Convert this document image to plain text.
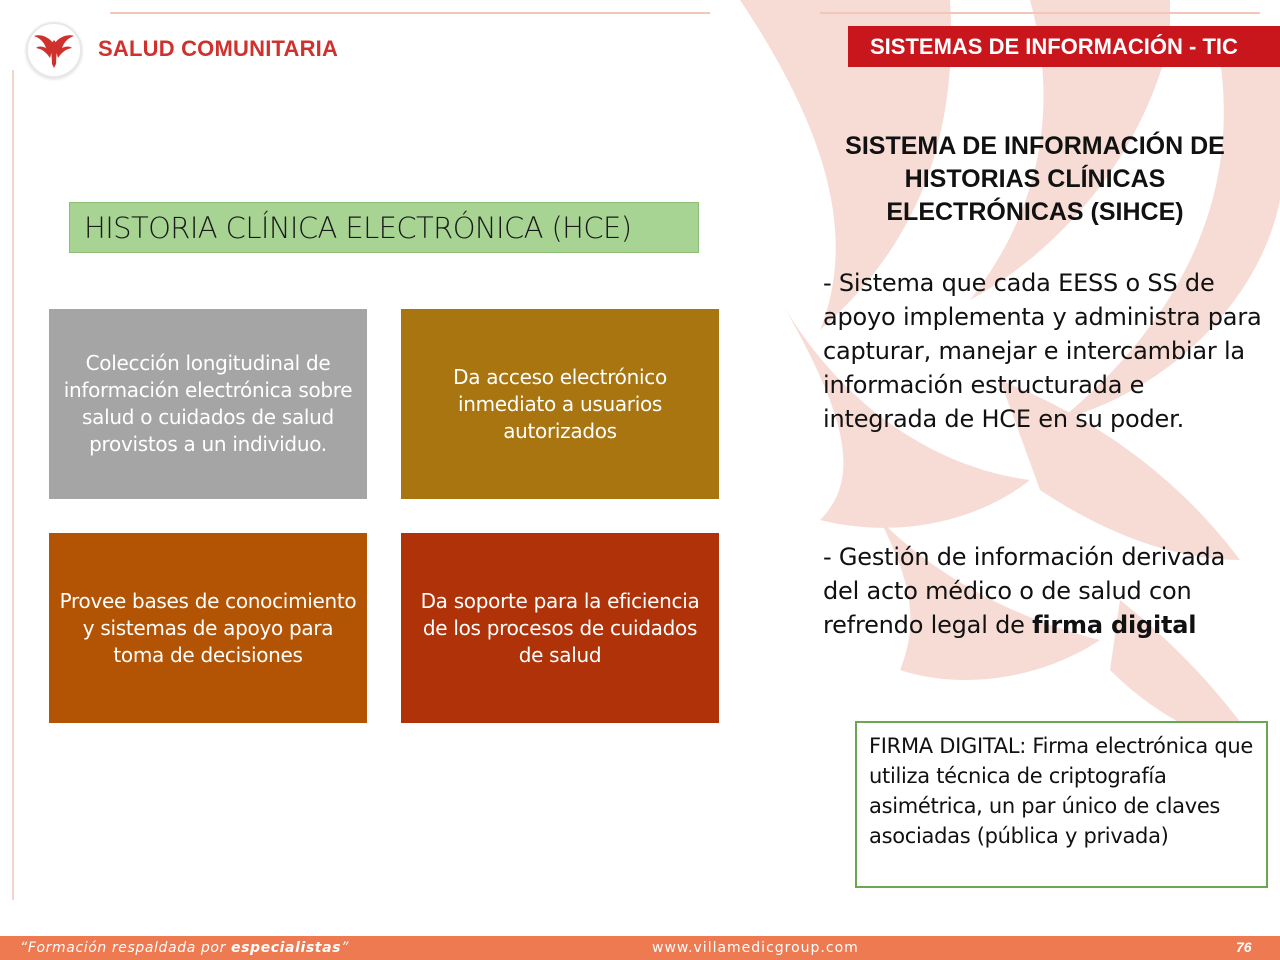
SALUD COMUNITARIA	SISTEMAS DE INFORMACIÓN - TIC
HISTORIA CLÍNICA ELECTRÓNICA (HCE)
Colección longitudinal de información electrónica sobre salud o cuidados de salud provistos a un individuo.
Da acceso electrónico inmediato a usuarios autorizados
Provee bases de conocimiento y sistemas de apoyo para toma de decisiones
Da soporte para la eficiencia de los procesos de cuidados de salud
SISTEMA DE INFORMACIÓN DE HISTORIAS CLÍNICAS ELECTRÓNICAS (SIHCE)
- Sistema que cada EESS o SS de apoyo implementa y administra para capturar, manejar e intercambiar la información estructurada e integrada de HCE en su poder.
- Gestión de información derivada del acto médico o de salud con refrendo legal de firma digital
FIRMA DIGITAL: Firma electrónica que utiliza técnica de criptografía asimétrica, un par único de claves asociadas (pública y privada)
“Formación respaldada por especialistas”	www.villamedicgroup.com	76
